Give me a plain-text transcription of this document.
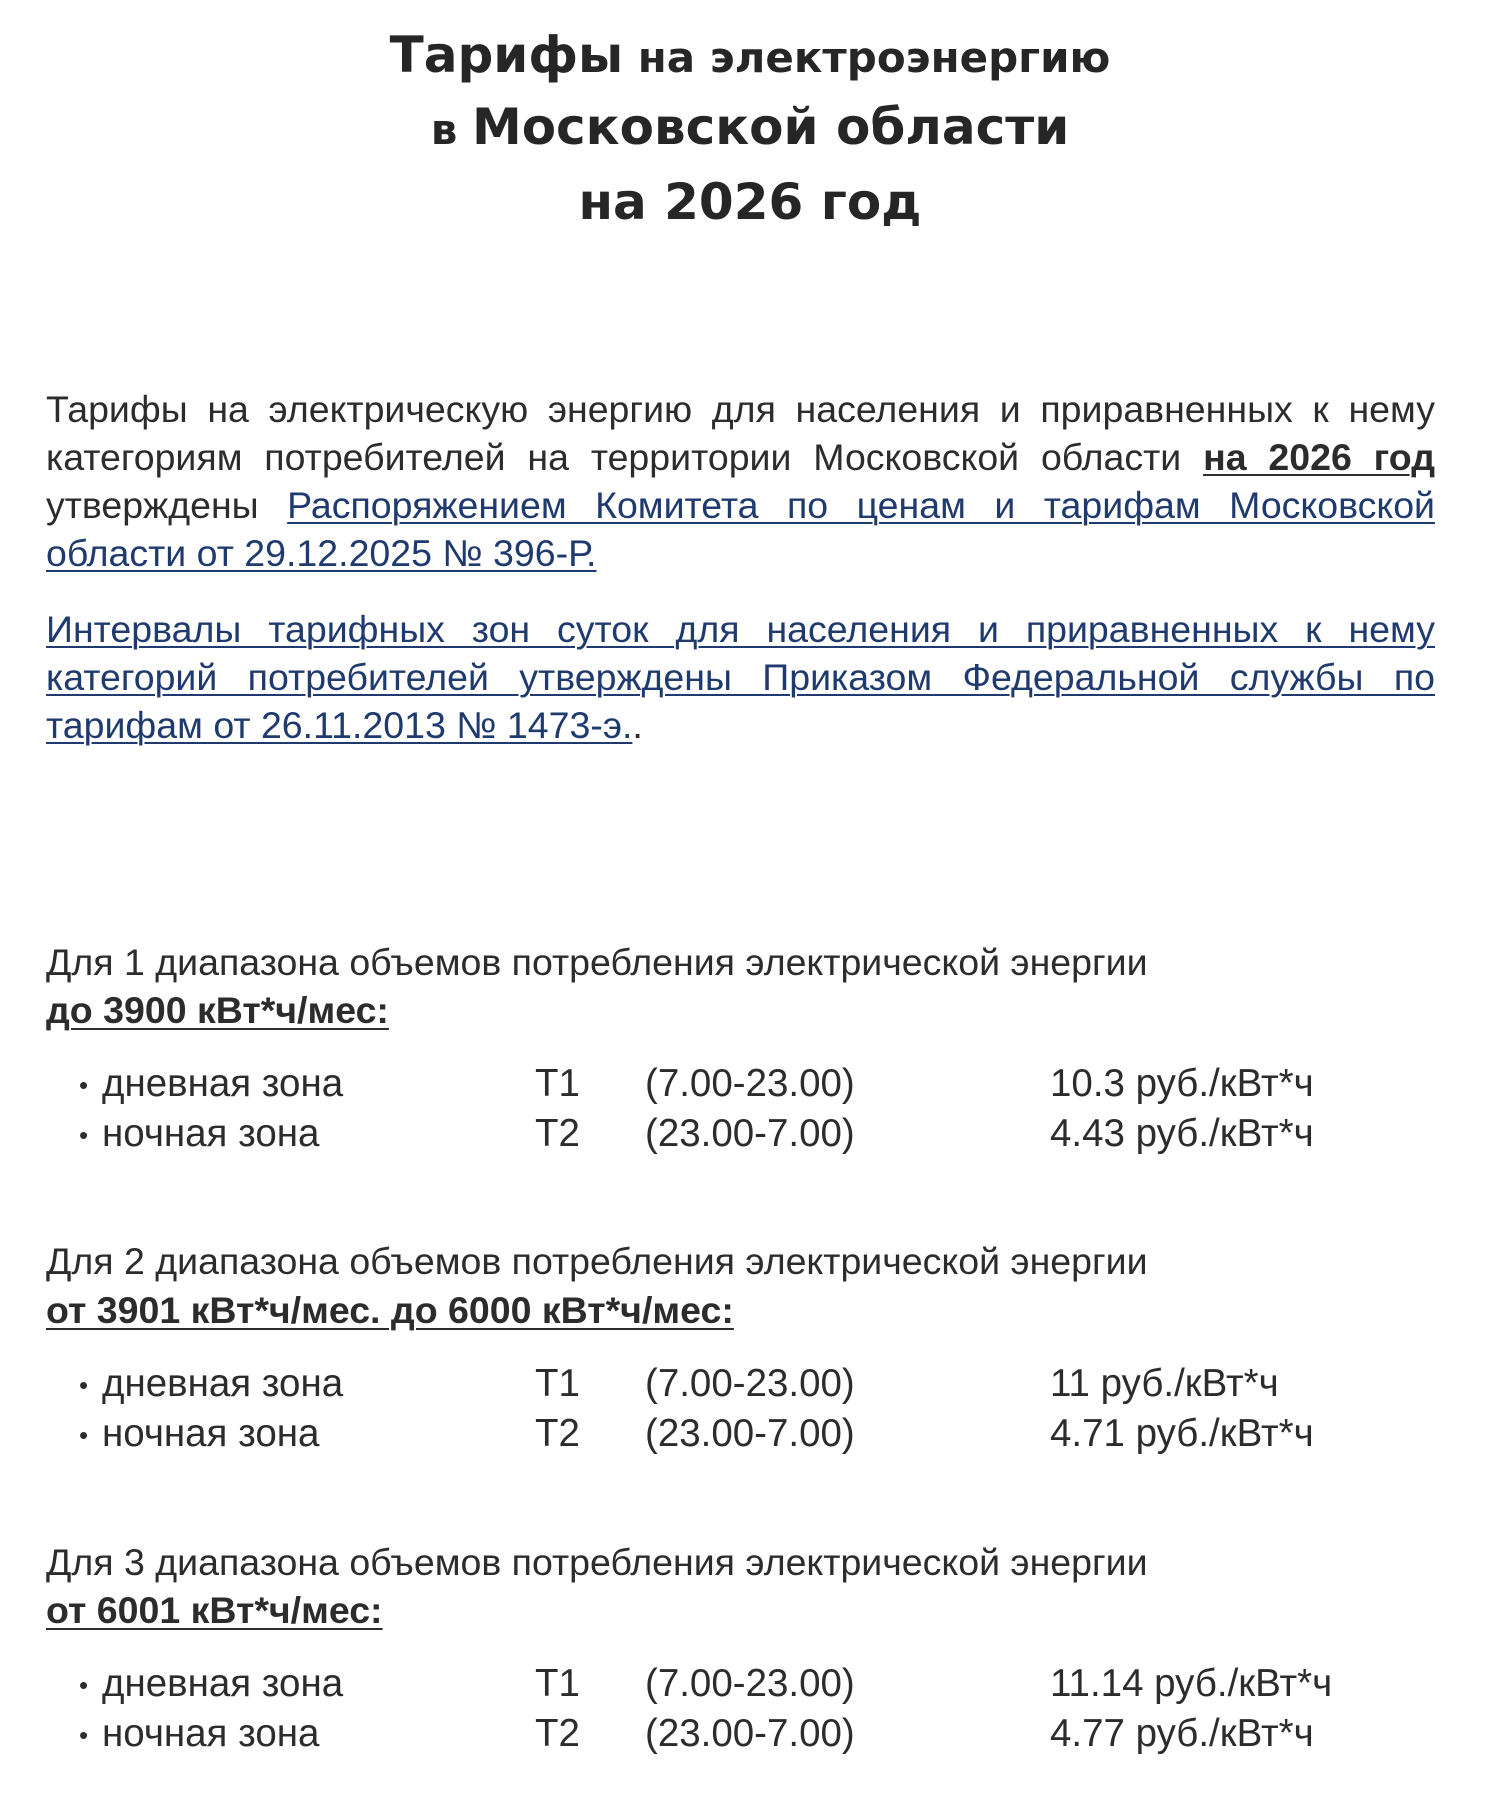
Тарифы на электроэнергию
в Московской области
на 2026 год
Тарифы на электрическую энергию для населения и приравненных к нему категориям потребителей на территории Московской области на 2026 год утверждены Распоряжением Комитета по ценам и тарифам Московской области от 29.12.2025 № 396-Р.
Интервалы тарифных зон суток для населения и приравненных к нему категорий потребителей утверждены Приказом Федеральной службы по тарифам от 26.11.2013 № 1473-э..
Для 1 диапазона объемов потребления электрической энергии
до 3900 кВт*ч/мес:
• дневная зона	Т1 (7.00-23.00)	10.3 руб./кВт*ч
• ночная зона	Т2 (23.00-7.00)	4.43 руб./кВт*ч
Для 2 диапазона объемов потребления электрической энергии
от 3901 кВт*ч/мес. до 6000 кВт*ч/мес:
• дневная зона	Т1 (7.00-23.00)	11 руб./кВт*ч
• ночная зона	Т2 (23.00-7.00)	4.71 руб./кВт*ч
Для 3 диапазона объемов потребления электрической энергии
от 6001 кВт*ч/мес:
• дневная зона	Т1 (7.00-23.00)	11.14 руб./кВт*ч
• ночная зона	Т2 (23.00-7.00)	4.77 руб./кВт*ч
